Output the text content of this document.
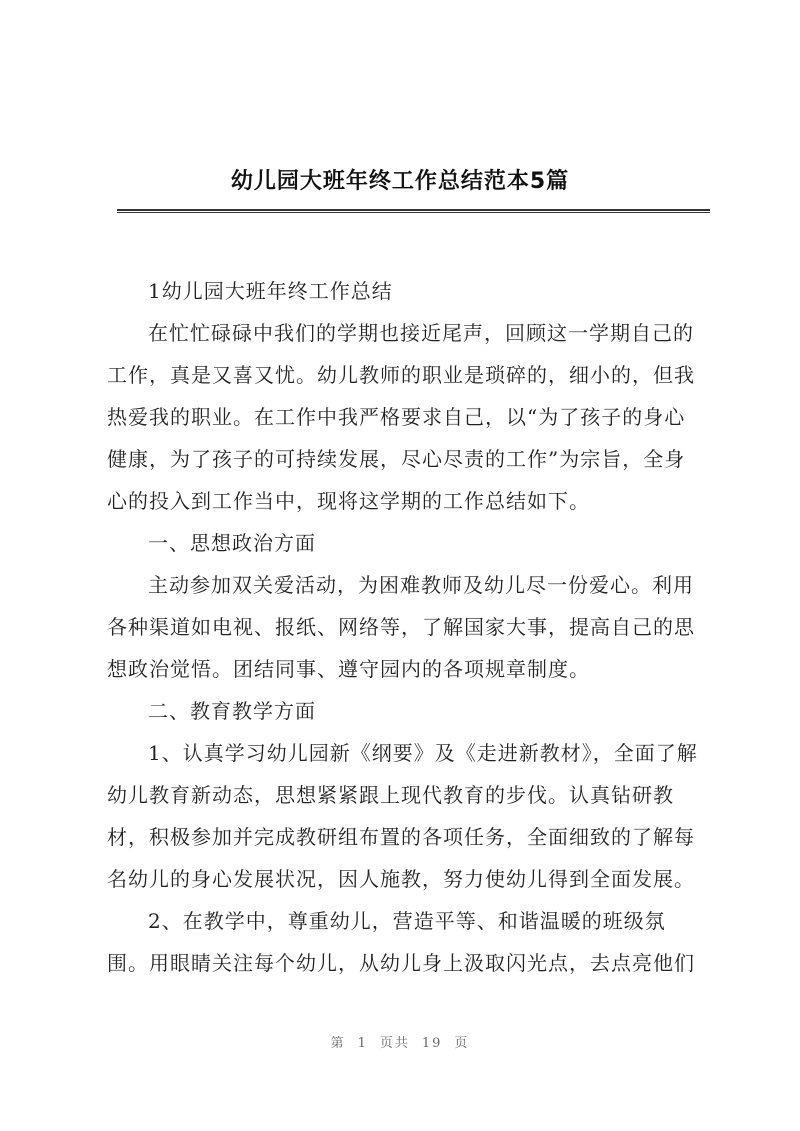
幼儿园大班年终工作总结范本5篇
1幼儿园大班年终工作总结
在忙忙碌碌中我们的学期也接近尾声，回顾这一学期自己的
工作，真是又喜又忧。幼儿教师的职业是琐碎的，细小的，但我
热爱我的职业。在工作中我严格要求自己，以“为了孩子的身心
健康，为了孩子的可持续发展，尽心尽责的工作”为宗旨，全身
心的投入到工作当中，现将这学期的工作总结如下。
一、思想政治方面
主动参加双关爱活动，为困难教师及幼儿尽一份爱心。利用
各种渠道如电视、报纸、网络等，了解国家大事，提高自己的思
想政治觉悟。团结同事、遵守园内的各项规章制度。
二、教育教学方面
1、认真学习幼儿园新《纲要》及《走进新教材》，全面了解
幼儿教育新动态，思想紧紧跟上现代教育的步伐。认真钻研教
材，积极参加并完成教研组布置的各项任务，全面细致的了解每
名幼儿的身心发展状况，因人施教，努力使幼儿得到全面发展。
2、在教学中，尊重幼儿，营造平等、和谐温暖的班级氛
围。用眼睛关注每个幼儿，从幼儿身上汲取闪光点，去点亮他们
第 1 页共 19 页
